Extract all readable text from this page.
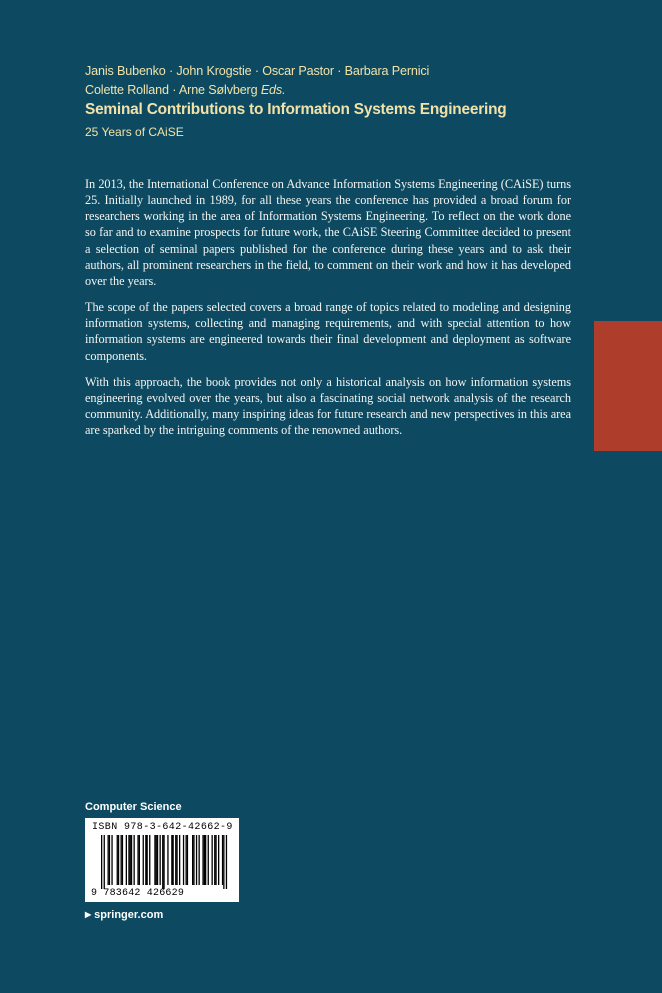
Janis Bubenko · John Krogstie · Oscar Pastor · Barbara Pernici
Colette Rolland · Arne Sølvberg Eds.
Seminal Contributions to Information Systems Engineering

25 Years of CAiSE

In 2013, the International Conference on Advance Information Systems Engineering (CAiSE) turns 25. Initially launched in 1989, for all these years the conference has provided a broad forum for researchers working in the area of Information Systems Engineering. To reflect on the work done so far and to examine prospects for future work, the CAiSE Steering Committee decided to present a selection of seminal papers published for the conference during these years and to ask their authors, all prominent researchers in the field, to comment on their work and how it has developed over the years.

The scope of the papers selected covers a broad range of topics related to modeling and designing information systems, collecting and managing requirements, and with special attention to how information systems are engineered towards their final development and deployment as software components.

With this approach, the book provides not only a historical analysis on how information systems engineering evolved over the years, but also a fascinating social network analysis of the research community. Additionally, many inspiring ideas for future research and new perspectives in this area are sparked by the intriguing comments of the renowned authors.

Computer Science
ISBN 978-3-642-42662-9
9 783642 426629
▶ springer.com
